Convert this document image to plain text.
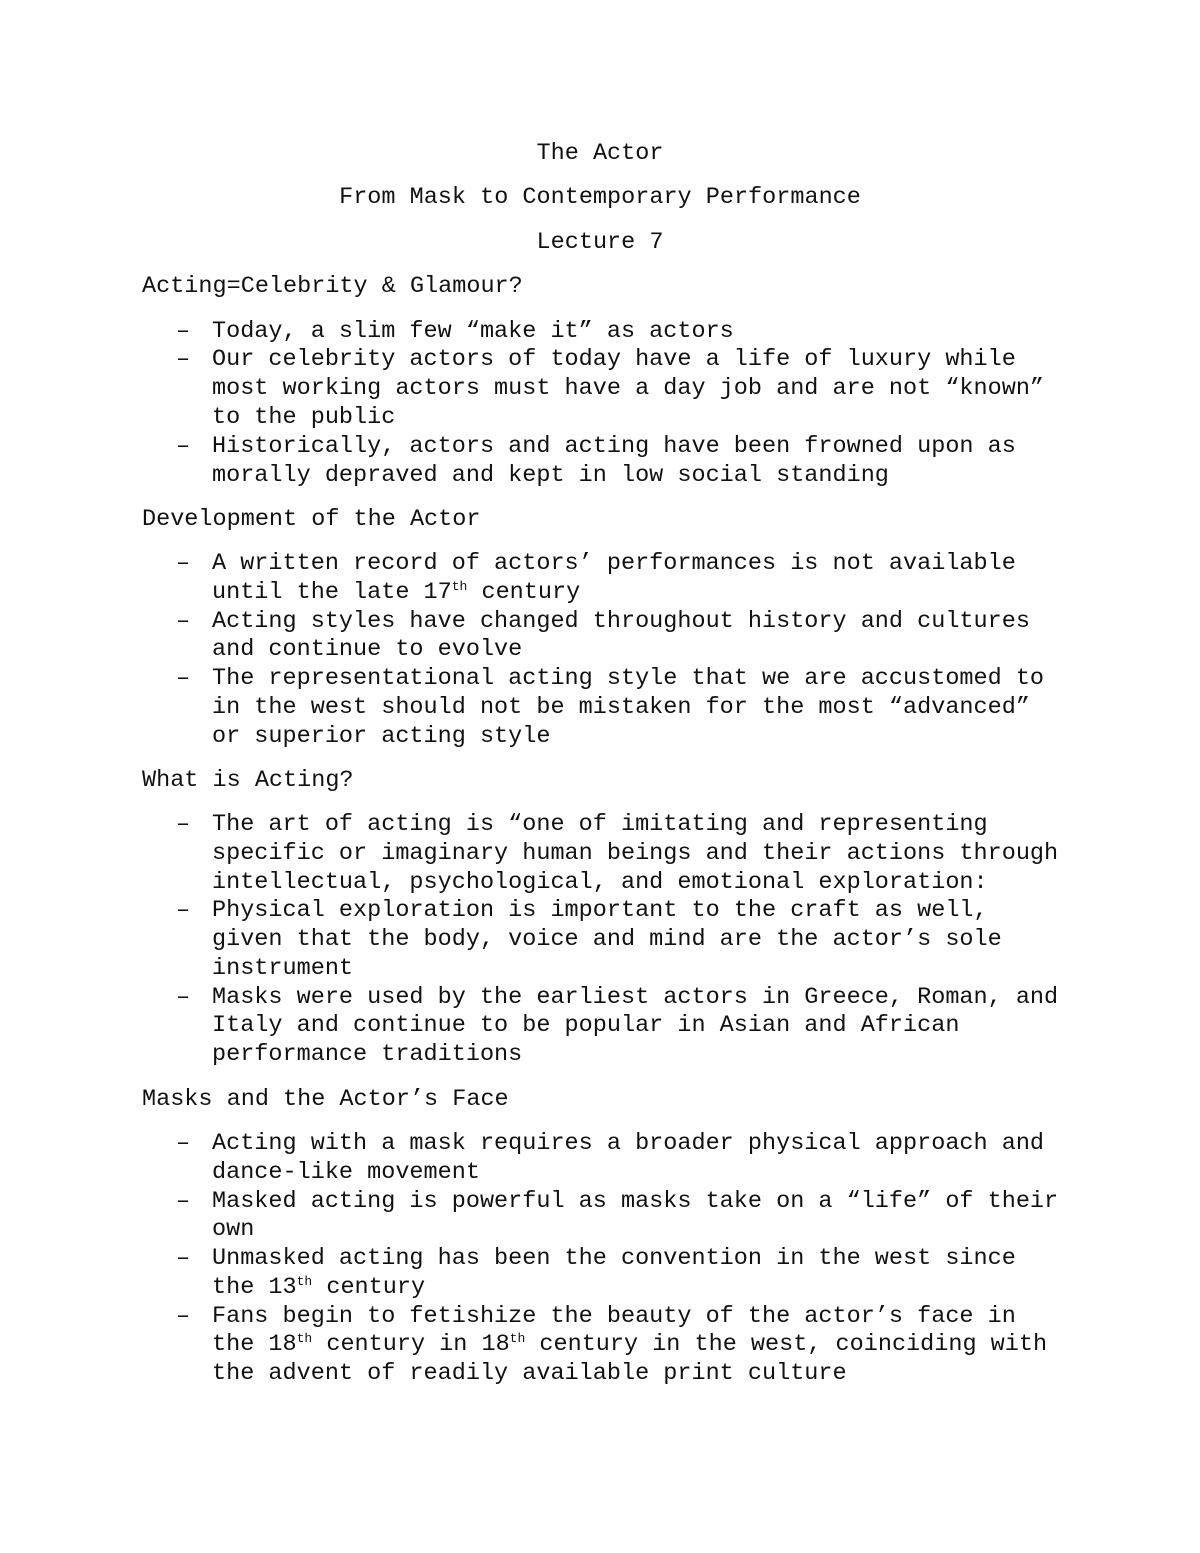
The Actor
From Mask to Contemporary Performance
Lecture 7
Acting=Celebrity & Glamour?
– Today, a slim few “make it” as actors
– Our celebrity actors of today have a life of luxury while
most working actors must have a day job and are not “known”
to the public
– Historically, actors and acting have been frowned upon as
morally depraved and kept in low social standing
Development of the Actor
– A written record of actors’ performances is not available
until the late 17th century
– Acting styles have changed throughout history and cultures
and continue to evolve
– The representational acting style that we are accustomed to
in the west should not be mistaken for the most “advanced”
or superior acting style
What is Acting?
– The art of acting is “one of imitating and representing
specific or imaginary human beings and their actions through
intellectual, psychological, and emotional exploration:
– Physical exploration is important to the craft as well,
given that the body, voice and mind are the actor’s sole
instrument
– Masks were used by the earliest actors in Greece, Roman, and
Italy and continue to be popular in Asian and African
performance traditions
Masks and the Actor’s Face
– Acting with a mask requires a broader physical approach and
dance-like movement
– Masked acting is powerful as masks take on a “life” of their
own
– Unmasked acting has been the convention in the west since
the 13th century
– Fans begin to fetishize the beauty of the actor’s face in
the 18th century in 18th century in the west, coinciding with
the advent of readily available print culture
